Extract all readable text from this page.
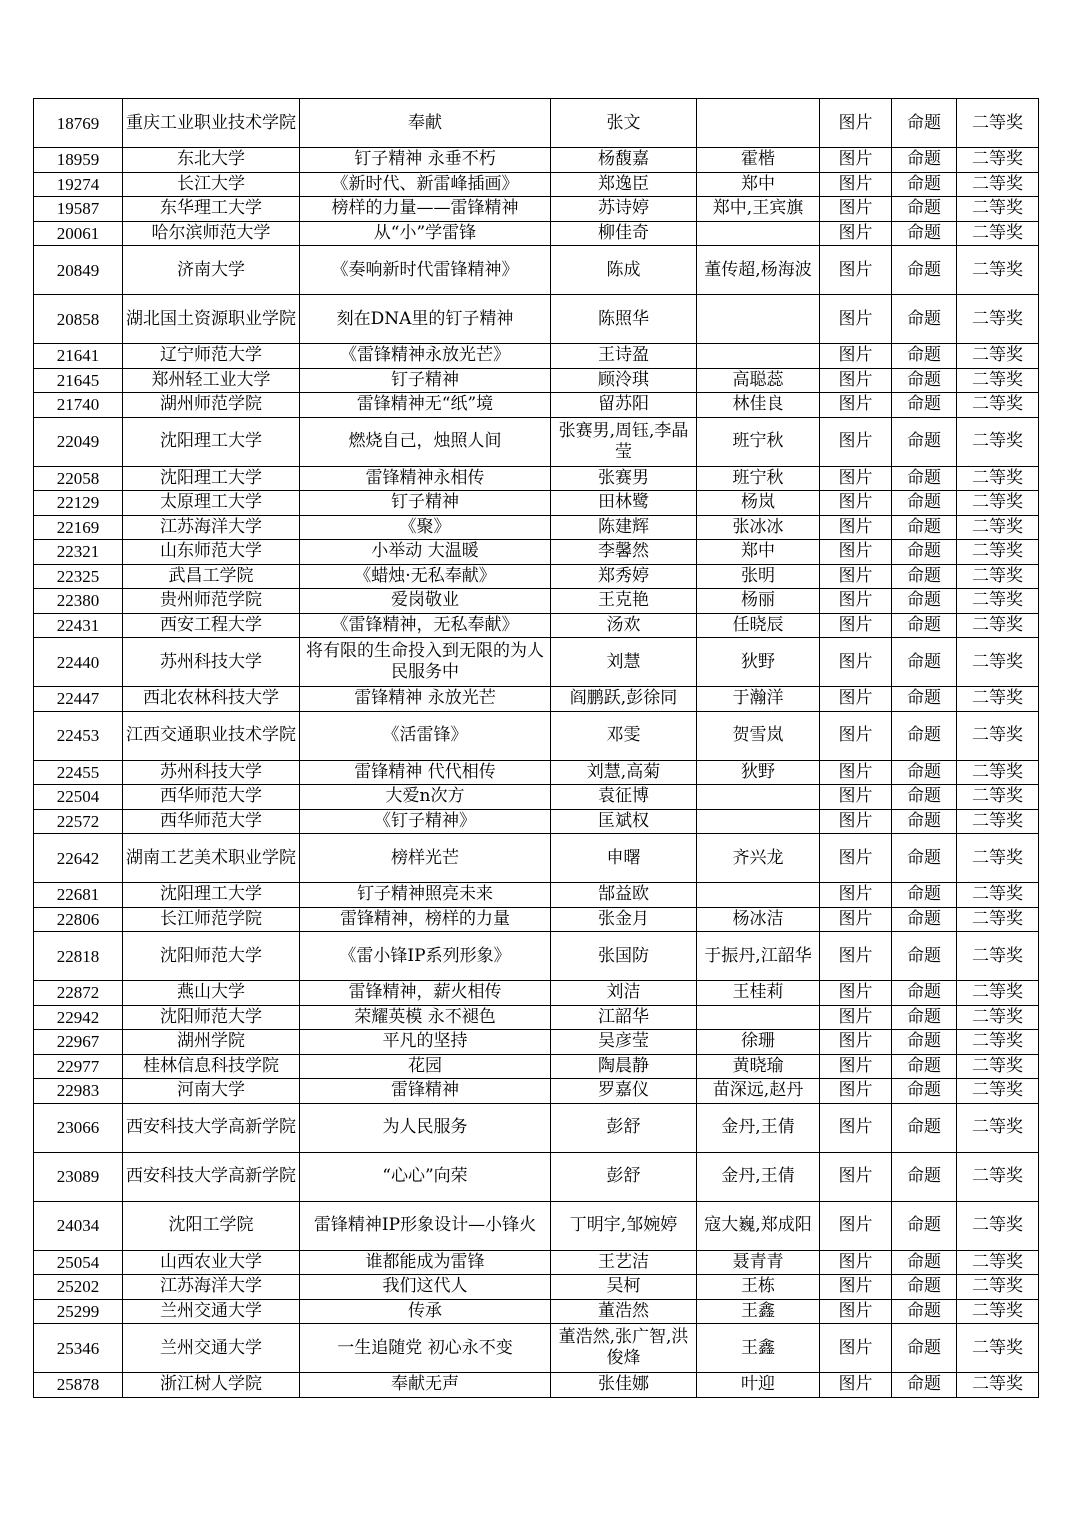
18769	重庆工业职业技术学院	奉献	张文		图片	命题	二等奖
18959	东北大学	钉子精神 永垂不朽	杨馥嘉	霍楷	图片	命题	二等奖
19274	长江大学	《新时代、新雷峰插画》	郑逸臣	郑中	图片	命题	二等奖
19587	东华理工大学	榜样的力量——雷锋精神	苏诗婷	郑中,王宾旗	图片	命题	二等奖
20061	哈尔滨师范大学	从“小”学雷锋	柳佳奇		图片	命题	二等奖
20849	济南大学	《奏响新时代雷锋精神》	陈成	董传超,杨海波	图片	命题	二等奖
20858	湖北国土资源职业学院	刻在DNA里的钉子精神	陈照华		图片	命题	二等奖
21641	辽宁师范大学	《雷锋精神永放光芒》	王诗盈		图片	命题	二等奖
21645	郑州轻工业大学	钉子精神	顾泠琪	高聪蕊	图片	命题	二等奖
21740	湖州师范学院	雷锋精神无“纸”境	留苏阳	林佳良	图片	命题	二等奖
22049	沈阳理工大学	燃烧自己，烛照人间	张赛男,周钰,李晶莹	班宁秋	图片	命题	二等奖
22058	沈阳理工大学	雷锋精神永相传	张赛男	班宁秋	图片	命题	二等奖
22129	太原理工大学	钉子精神	田林鹭	杨岚	图片	命题	二等奖
22169	江苏海洋大学	《聚》	陈建辉	张冰冰	图片	命题	二等奖
22321	山东师范大学	小举动 大温暖	李馨然	郑中	图片	命题	二等奖
22325	武昌工学院	《蜡烛·无私奉献》	郑秀婷	张明	图片	命题	二等奖
22380	贵州师范学院	爱岗敬业	王克艳	杨丽	图片	命题	二等奖
22431	西安工程大学	《雷锋精神，无私奉献》	汤欢	任晓辰	图片	命题	二等奖
22440	苏州科技大学	将有限的生命投入到无限的为人民服务中	刘慧	狄野	图片	命题	二等奖
22447	西北农林科技大学	雷锋精神 永放光芒	阎鹏跃,彭徐同	于瀚洋	图片	命题	二等奖
22453	江西交通职业技术学院	《活雷锋》	邓雯	贺雪岚	图片	命题	二等奖
22455	苏州科技大学	雷锋精神 代代相传	刘慧,高菊	狄野	图片	命题	二等奖
22504	西华师范大学	大爱n次方	袁征博		图片	命题	二等奖
22572	西华师范大学	《钉子精神》	匡斌权		图片	命题	二等奖
22642	湖南工艺美术职业学院	榜样光芒	申曙	齐兴龙	图片	命题	二等奖
22681	沈阳理工大学	钉子精神照亮未来	郜益欧		图片	命题	二等奖
22806	长江师范学院	雷锋精神，榜样的力量	张金月	杨冰洁	图片	命题	二等奖
22818	沈阳师范大学	《雷小锋IP系列形象》	张国防	于振丹,江韶华	图片	命题	二等奖
22872	燕山大学	雷锋精神，薪火相传	刘洁	王桂莉	图片	命题	二等奖
22942	沈阳师范大学	荣耀英模 永不褪色	江韶华		图片	命题	二等奖
22967	湖州学院	平凡的坚持	吴彦莹	徐珊	图片	命题	二等奖
22977	桂林信息科技学院	花园	陶晨静	黄晓瑜	图片	命题	二等奖
22983	河南大学	雷锋精神	罗嘉仪	苗深远,赵丹	图片	命题	二等奖
23066	西安科技大学高新学院	为人民服务	彭舒	金丹,王倩	图片	命题	二等奖
23089	西安科技大学高新学院	“心心”向荣	彭舒	金丹,王倩	图片	命题	二等奖
24034	沈阳工学院	雷锋精神IP形象设计—小锋火	丁明宇,邹婉婷	寇大巍,郑成阳	图片	命题	二等奖
25054	山西农业大学	谁都能成为雷锋	王艺洁	聂青青	图片	命题	二等奖
25202	江苏海洋大学	我们这代人	吴柯	王栋	图片	命题	二等奖
25299	兰州交通大学	传承	董浩然	王鑫	图片	命题	二等奖
25346	兰州交通大学	一生追随党 初心永不变	董浩然,张广智,洪俊烽	王鑫	图片	命题	二等奖
25878	浙江树人学院	奉献无声	张佳娜	叶迎	图片	命题	二等奖
